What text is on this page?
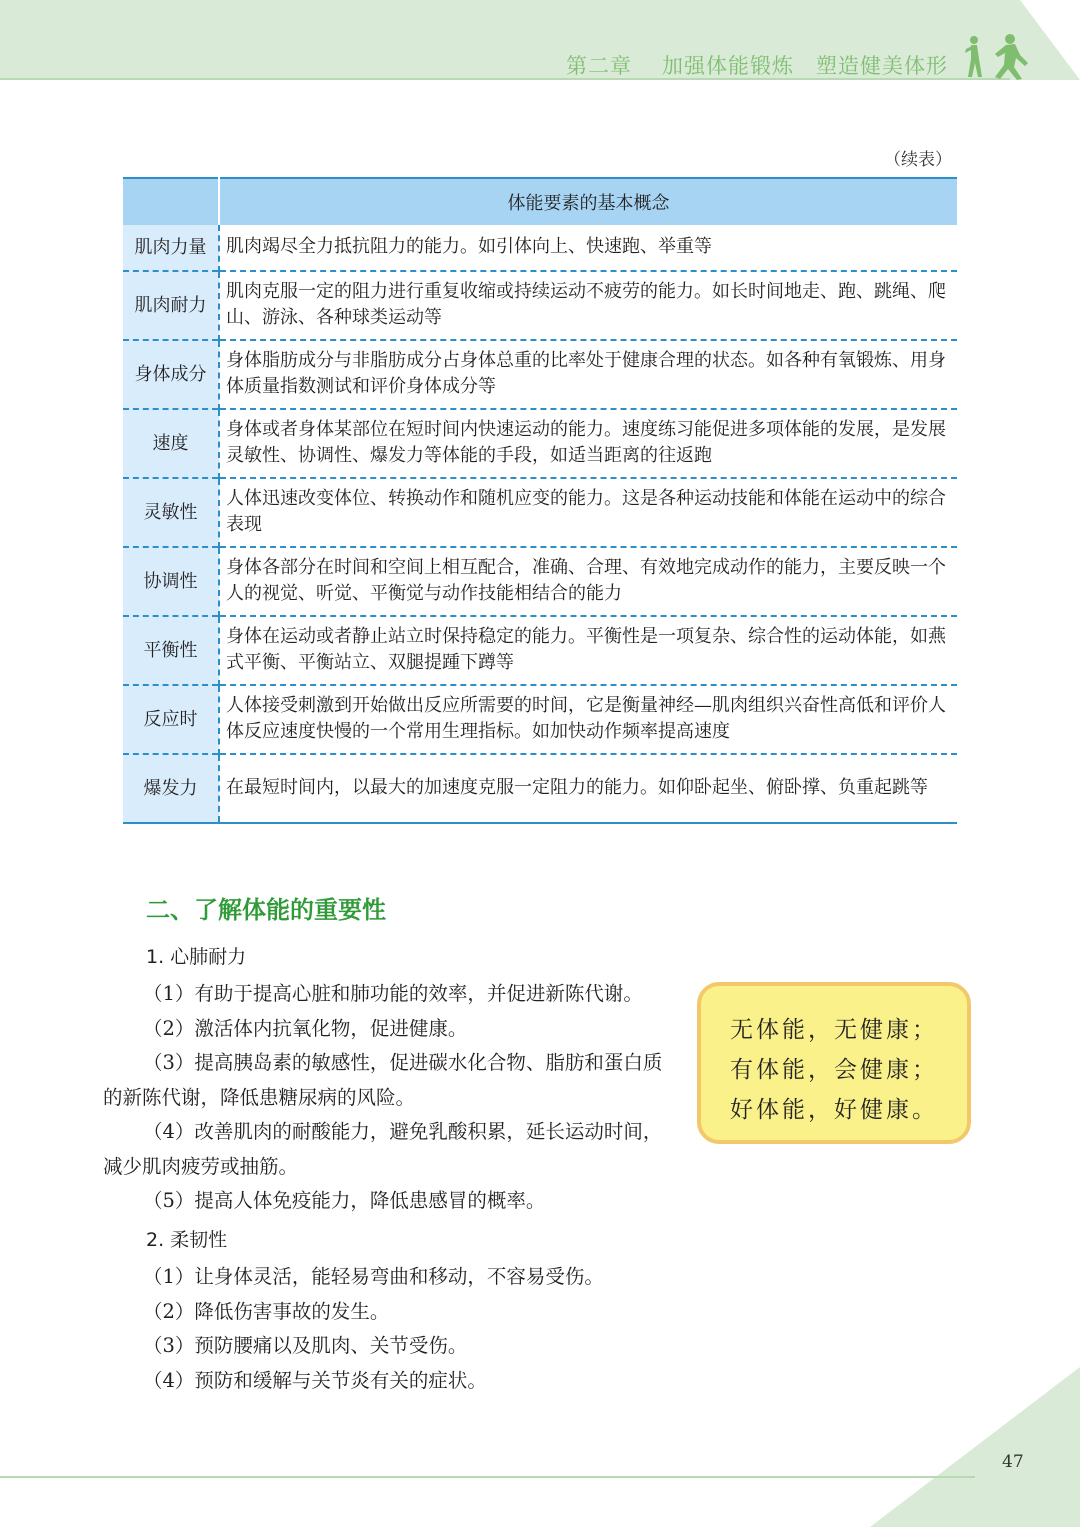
第二章 加强体能锻炼　 塑造健美体形
（续表）
	体能要素的基本概念
肌肉力量	肌肉竭尽全力抵抗阻力的能力。如引体向上、快速跑、举重等
肌肉耐力	肌肉克服一定的阻力进行重复收缩或持续运动不疲劳的能力。如长时间地走、跑、跳绳、爬山、游泳、各种球类运动等
身体成分	身体脂肪成分与非脂肪成分占身体总重的比率处于健康合理的状态。如各种有氧锻炼、用身体质量指数测试和评价身体成分等
速度	身体或者身体某部位在短时间内快速运动的能力。速度练习能促进多项体能的发展，是发展灵敏性、协调性、爆发力等体能的手段，如适当距离的往返跑
灵敏性	人体迅速改变体位、转换动作和随机应变的能力。这是各种运动技能和体能在运动中的综合表现
协调性	身体各部分在时间和空间上相互配合，准确、合理、有效地完成动作的能力，主要反映一个人的视觉、听觉、平衡觉与动作技能相结合的能力
平衡性	身体在运动或者静止站立时保持稳定的能力。平衡性是一项复杂、综合性的运动体能，如燕式平衡、平衡站立、双腿提踵下蹲等
反应时	人体接受刺激到开始做出反应所需要的时间，它是衡量神经—肌肉组织兴奋性高低和评价人体反应速度快慢的一个常用生理指标。如加快动作频率提高速度
爆发力	在最短时间内，以最大的加速度克服一定阻力的能力。如仰卧起坐、俯卧撑、负重起跳等
二、了解体能的重要性
1. 心肺耐力

（1）有助于提高心脏和肺功能的效率，并促进新陈代谢。

（2）激活体内抗氧化物，促进健康。

（3）提高胰岛素的敏感性，促进碳水化合物、脂肪和蛋白质的新陈代谢，降低患糖尿病的风险。

（4）改善肌肉的耐酸能力，避免乳酸积累，延长运动时间，减少肌肉疲劳或抽筋。

（5）提高人体免疫能力，降低患感冒的概率。

2. 柔韧性

（1）让身体灵活，能轻易弯曲和移动，不容易受伤。

（2）降低伤害事故的发生。

（3）预防腰痛以及肌肉、关节受伤。

（4）预防和缓解与关节炎有关的症状。

无体能，无健康；
有体能，会健康；
好体能，好健康。
47
